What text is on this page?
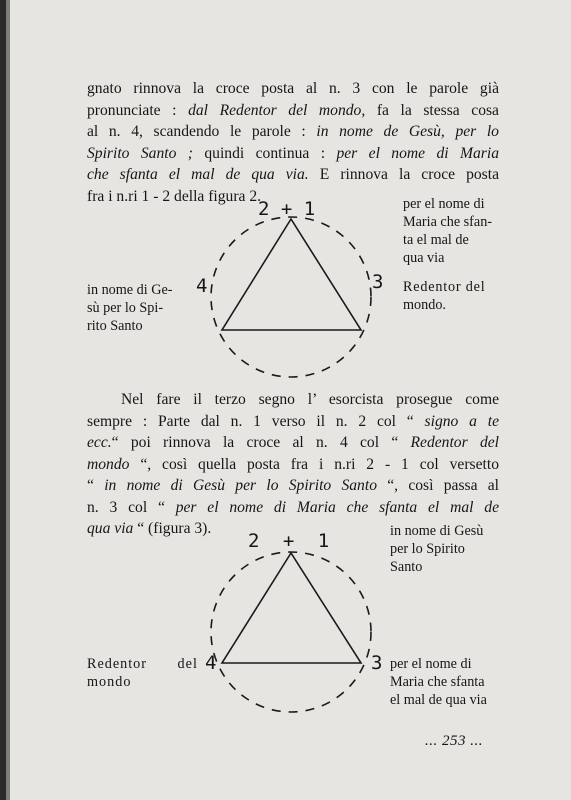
gnato rinnova la croce posta al n. 3 con le parole già
pronunciate : dal Redentor del mondo, fa la stessa cosa
al n. 4, scandendo le parole : in nome de Gesù, per lo
Spirito Santo ; quindi continua : per el nome di Maria
che sfanta el mal de qua via. E rinnova la croce posta
fra i n.ri 1 - 2 della figura 2.
2 + 1
4	3
in nome di Ge-
sù per lo Spi-
rito Santo
per el nome di
Maria che sfan-
ta el mal de
qua via
Redentor del
mondo.
Nel fare il terzo segno l’ esorcista prosegue come
sempre : Parte dal n. 1 verso il n. 2 col “ signo a te
ecc.“ poi rinnova la croce al n. 4 col “ Redentor del
mondo “, così quella posta fra i n.ri 2 - 1 col versetto
“ in nome di Gesù per lo Spirito Santo “, così passa al
n. 3 col “ per el nome di Maria che sfanta el mal de
qua via “ (figura 3).
2 + 1
4	3
in nome di Gesù
per lo Spirito
Santo
Redentor del
mondo
per el nome di
Maria che sfanta
el mal de qua via
... 253 ...
